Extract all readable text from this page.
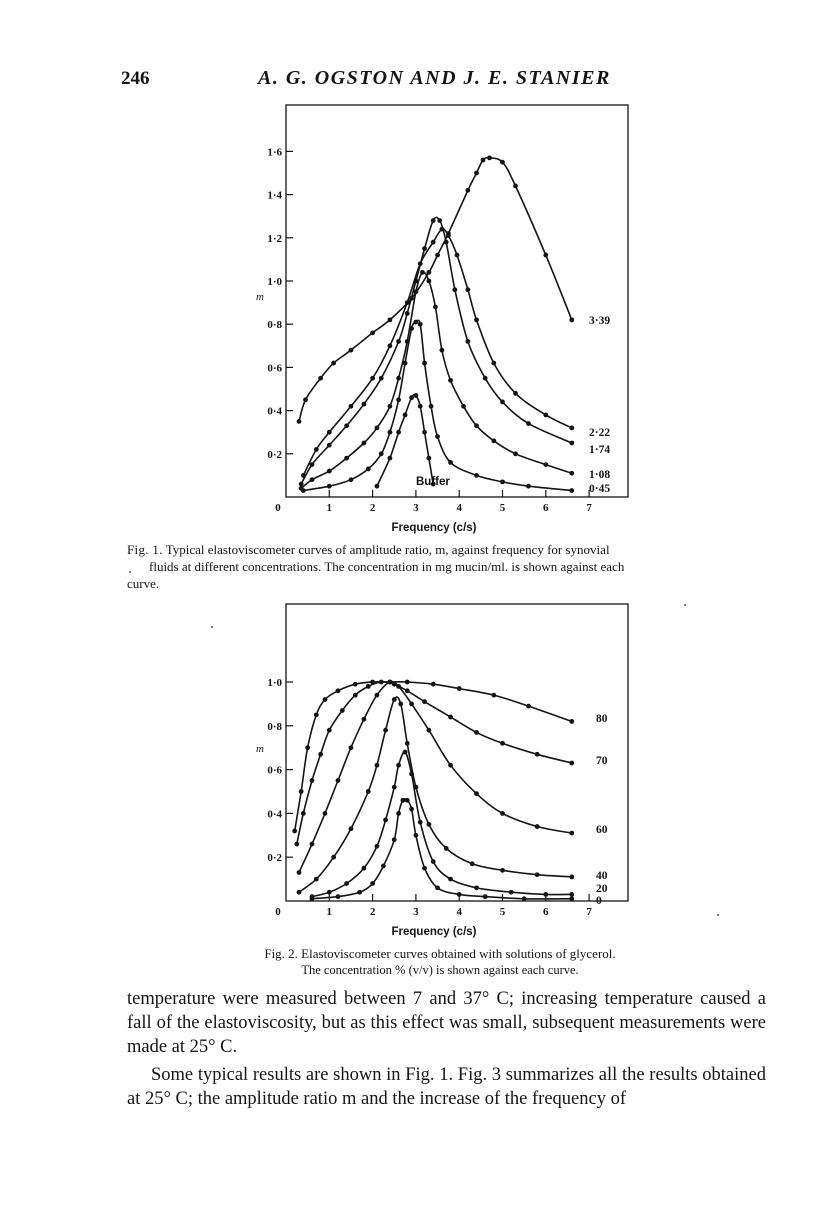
246	A. G. OGSTON AND J. E. STANIER
0·2
0·4
0·6
0·8
1·0
1·2
1·4
1·6
0	1	2	3	4	5	6	7
Frequency (c/s)
m
3·39
2·22
1·74
1·08
0·45
Buffer
Fig. 1. Typical elastoviscometer curves of amplitude ratio, m, against frequency for synovial
fluids at different concentrations. The concentration in mg mucin/ml. is shown against each
curve.
0·2
0·4
0·6
0·8
1·0
0	1	2	3	4	5	6	7
Frequency (c/s)
m
80
70
60
40
20
0
Fig. 2. Elastoviscometer curves obtained with solutions of glycerol.
The concentration % (v/v) is shown against each curve.

temperature were measured between 7 and 37° C; increasing temperature caused a fall of the elastoviscosity, but as this effect was small, subsequent measurements were made at 25° C.

Some typical results are shown in Fig. 1. Fig. 3 summarizes all the results obtained at 25° C; the amplitude ratio m and the increase of the frequency of
